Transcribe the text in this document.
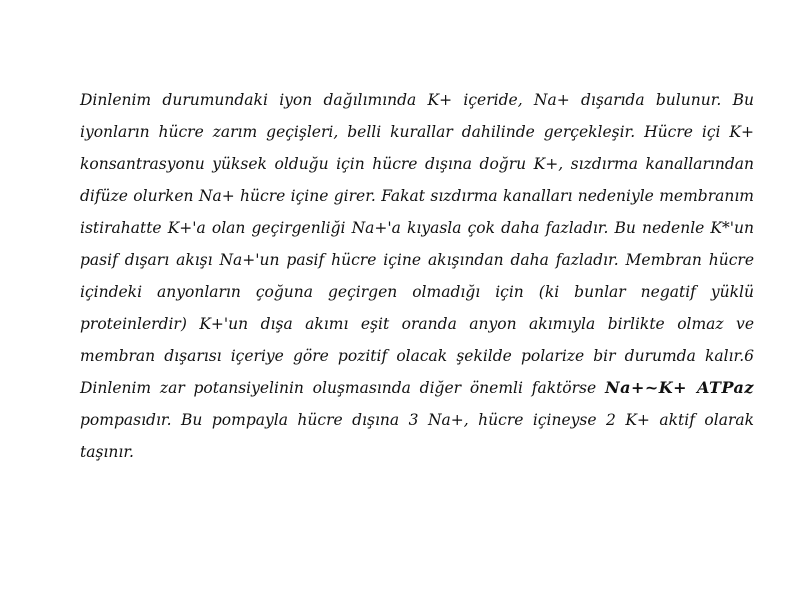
Dinlenim durumundaki iyon dağılımında K+ içeride, Na+ dışarıda bulunur. Bu iyonların hücre zarım geçişleri, belli kurallar dahilinde gerçekleşir. Hücre içi K+ konsantrasyonu yüksek olduğu için hücre dışına doğru K+, sızdırma kanallarından difüze olurken Na+ hücre içine girer. Fakat sızdırma kanalları nedeniyle membranım istirahatte K+'a olan geçirgenliği Na+'a kıyasla çok daha fazladır. Bu nedenle K*'un pasif dışarı akışı Na+'un pasif hücre içine akışından daha fazladır. Membran hücre içindeki anyonların çoğuna geçirgen olmadığı için (ki bunlar negatif yüklü proteinlerdir) K+'un dışa akımı eşit oranda anyon akımıyla birlikte olmaz ve membran dışarısı içeriye göre pozitif olacak şekilde polarize bir durumda kalır.6 Dinlenim zar potansiyelinin oluşmasında diğer önemli faktörse Na+~K+ ATPaz pompasıdır. Bu pompayla hücre dışına 3 Na+, hücre içineyse 2 K+ aktif olarak taşınır.
